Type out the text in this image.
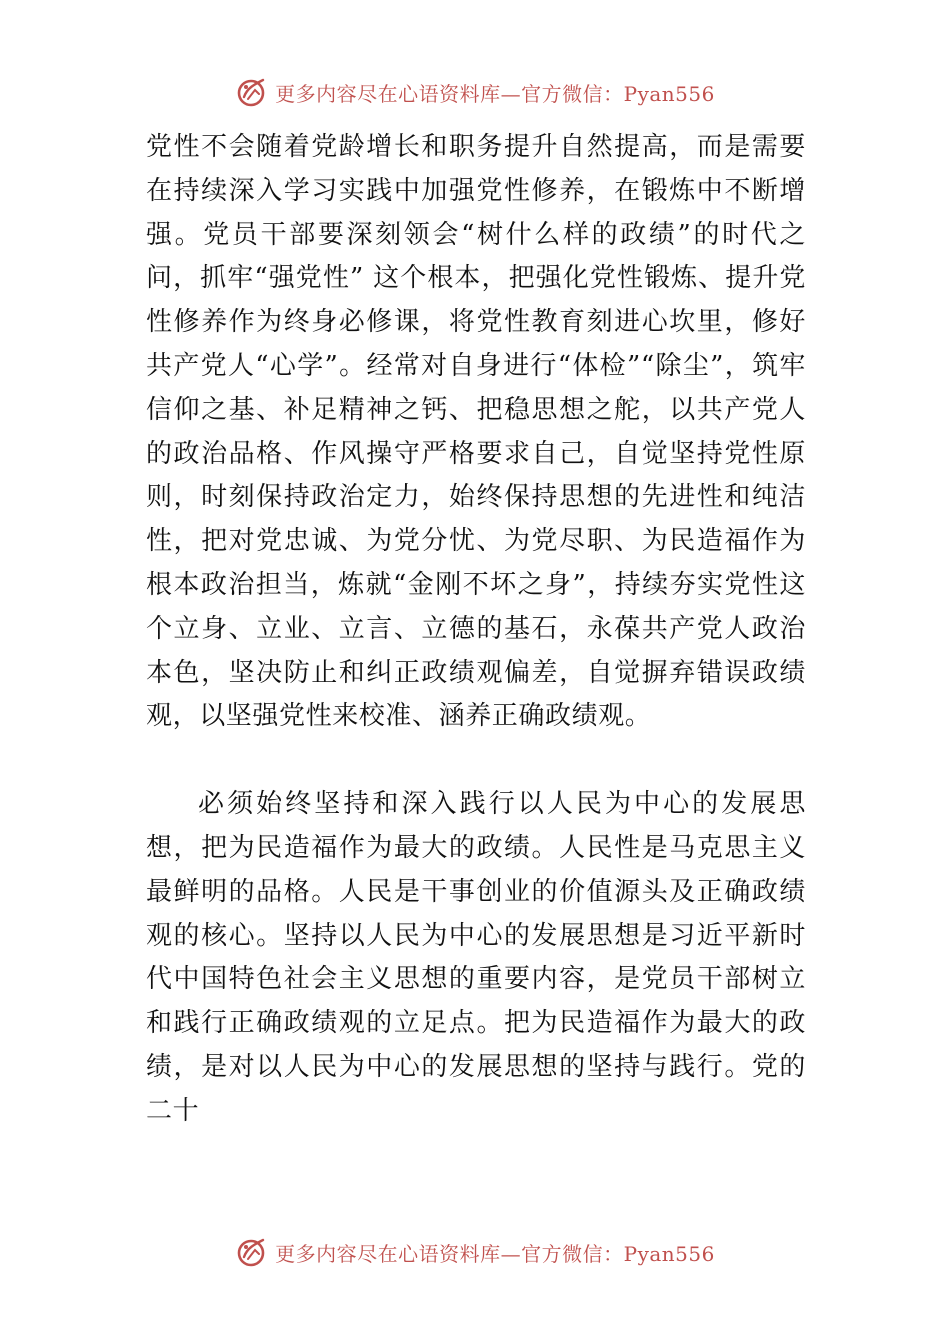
更多内容尽在心语资料库—官方微信：Pyan556

党性不会随着党龄增长和职务提升自然提高，而是需要在持续深入学习实践中加强党性修养，在锻炼中不断增强。党员干部要深刻领会“树什么样的政绩”的时代之问，抓牢“强党性” 这个根本，把强化党性锻炼、提升党性修养作为终身必修课，将党性教育刻进心坎里，修好共产党人“心学”。经常对自身进行“体检”“除尘”，筑牢信仰之基、补足精神之钙、把稳思想之舵，以共产党人的政治品格、作风操守严格要求自己，自觉坚持党性原则，时刻保持政治定力，始终保持思想的先进性和纯洁性，把对党忠诚、为党分忧、为党尽职、为民造福作为根本政治担当，炼就“金刚不坏之身”，持续夯实党性这个立身、立业、立言、立德的基石，永葆共产党人政治本色，坚决防止和纠正政绩观偏差，自觉摒弃错误政绩观，以坚强党性来校准、涵养正确政绩观。

必须始终坚持和深入践行以人民为中心的发展思想，把为民造福作为最大的政绩。人民性是马克思主义最鲜明的品格。人民是干事创业的价值源头及正确政绩观的核心。坚持以人民为中心的发展思想是习近平新时代中国特色社会主义思想的重要内容，是党员干部树立和践行正确政绩观的立足点。把为民造福作为最大的政绩，是对以人民为中心的发展思想的坚持与践行。党的二十

更多内容尽在心语资料库—官方微信：Pyan556
